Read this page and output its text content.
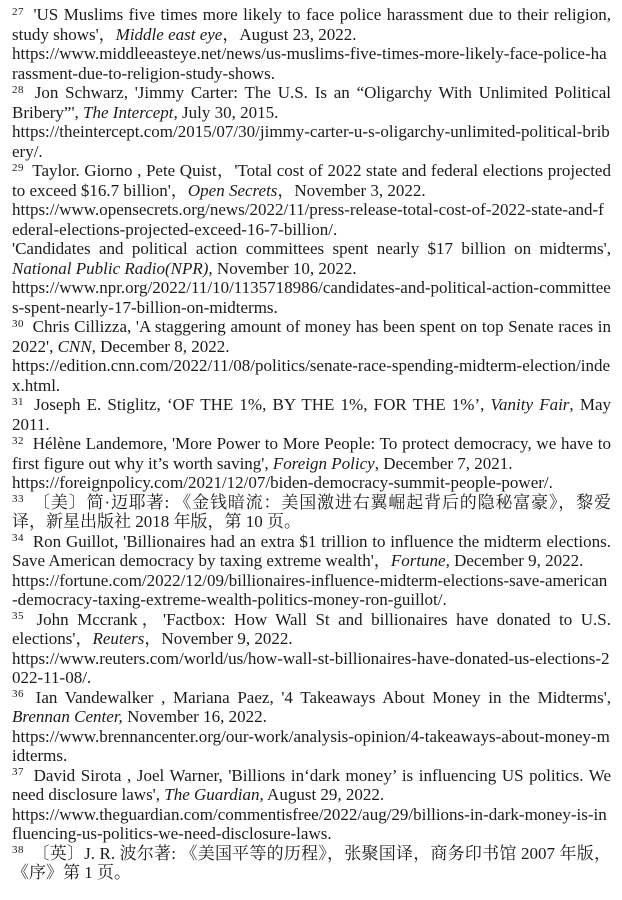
$^{27}$ 'US Muslims five times more likely to face police harassment due to their religion, study shows'，Middle east eye，August 23, 2022.
https://www.middleeasteye.net/news/us-muslims-five-times-more-likely-face-police-harassment-due-to-religion-study-shows.

$^{28}$ Jon Schwarz, 'Jimmy Carter: The U.S. Is an “Oligarchy With Unlimited Political Bribery”', The Intercept, July 30, 2015.
https://theintercept.com/2015/07/30/jimmy-carter-u-s-oligarchy-unlimited-political-bribery/.

$^{29}$ Taylor. Giorno , Pete Quist，'Total cost of 2022 state and federal elections projected to exceed $16.7 billion'，Open Secrets，November 3, 2022.
https://www.opensecrets.org/news/2022/11/press-release-total-cost-of-2022-state-and-federal-elections-projected-exceed-16-7-billion/.

'Candidates and political action committees spent nearly $17 billion on midterms', National Public Radio(NPR), November 10, 2022.
https://www.npr.org/2022/11/10/1135718986/candidates-and-political-action-committees-spent-nearly-17-billion-on-midterms.

$^{30}$ Chris Cillizza, 'A staggering amount of money has been spent on top Senate races in 2022', CNN, December 8, 2022.
https://edition.cnn.com/2022/11/08/politics/senate-race-spending-midterm-election/index.html.

$^{31}$ Joseph E. Stiglitz, ‘OF THE 1%, BY THE 1%, FOR THE 1%’, Vanity Fair, May 2011.

$^{32}$ Hélène Landemore, 'More Power to More People: To protect democracy, we have to first figure out why it’s worth saving', Foreign Policy, December 7, 2021.
https://foreignpolicy.com/2021/12/07/biden-democracy-summit-people-power/.

$^{33}$ 〔美〕简·迈耶著: 《金钱暗流：美国激进右翼崛起背后的隐秘富豪》，黎爱译，新星出版社 2018 年版，第 10 页。

$^{34}$ Ron Guillot, 'Billionaires had an extra $1 trillion to influence the midterm elections. Save American democracy by taxing extreme wealth'，Fortune, December 9, 2022.
https://fortune.com/2022/12/09/billionaires-influence-midterm-elections-save-american-democracy-taxing-extreme-wealth-politics-money-ron-guillot/.

$^{35}$ John Mccrank，'Factbox: How Wall St and billionaires have donated to U.S. elections'，Reuters，November 9, 2022.
https://www.reuters.com/world/us/how-wall-st-billionaires-have-donated-us-elections-2022-11-08/.

$^{36}$ Ian Vandewalker , Mariana Paez, '4 Takeaways About Money in the Midterms', Brennan Center, November 16, 2022.
https://www.brennancenter.org/our-work/analysis-opinion/4-takeaways-about-money-midterms.

$^{37}$ David Sirota , Joel Warner, 'Billions in‘dark money’ is influencing US politics. We need disclosure laws', The Guardian, August 29, 2022.
https://www.theguardian.com/commentisfree/2022/aug/29/billions-in-dark-money-is-influencing-us-politics-we-need-disclosure-laws.

$^{38}$ 〔英〕J. R. 波尔著: 《美国平等的历程》，张聚国译，商务印书馆 2007 年版，《序》第 1 页。
